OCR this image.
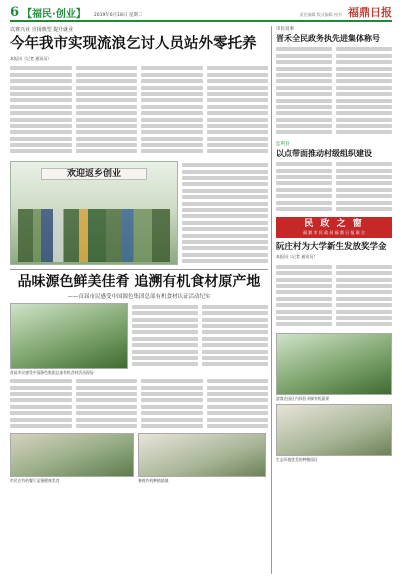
6 【福民·创业】 2019年6月18日 星期二	责任编辑 版式编辑 校对 福鼎日报
以赛兴业 宣扬典型 提升就业
今年我市实现流浪乞讨人员站外零托养
本报讯（记者 通讯员）
欢迎返乡创业
品味源色鲜美佳肴 追溯有机食材原产地
——首届市民感受中国源色集团总部有机食材认证活动纪实
首届市民感受中国源色集团总部有机食材活动现场
市民在有机餐厅品鉴健康美食	参观有机种植基地
市民说事
晋禾全民政务执先进集体称号
监利县
以点带面推动村级组织建设
民 政 之 窗
福 鼎 市 民 政 局 福 鼎 日 报 联 合
阮庄村为大学新生发放奖学金
本报讯（记者 通讯员）
游客在园区内体验采摘有机蔬果
生态环境优美的种植园区
